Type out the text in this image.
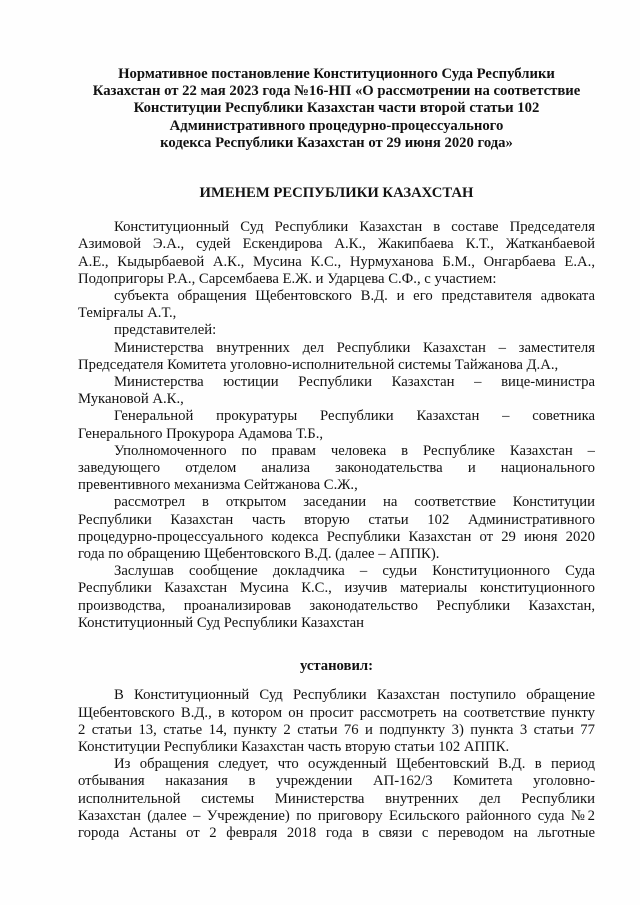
Нормативное постановление Конституционного Суда Республики
Казахстан от 22 мая 2023 года №16-НП «О рассмотрении на соответствие
Конституции Республики Казахстан части второй статьи 102
Административного процедурно-процессуального
кодекса Республики Казахстан от 29 июня 2020 года»
ИМЕНЕМ РЕСПУБЛИКИ КАЗАХСТАН
Конституционный Суд Республики Казахстан в составе Председателя
Азимовой Э.А., судей Ескендирова А.К., Жакипбаева К.Т., Жатканбаевой
А.Е., Кыдырбаевой А.К., Мусина К.С., Нурмуханова Б.М., Онгарбаева Е.А.,
Подопригоры Р.А., Сарсембаева Е.Ж. и Ударцева С.Ф., с участием:
субъекта обращения Щебентовского В.Д. и его представителя адвоката
Темірғалы А.Т.,
представителей:
Министерства внутренних дел Республики Казахстан – заместителя
Председателя Комитета уголовно-исполнительной системы Тайжанова Д.А.,
Министерства юстиции Республики Казахстан – вице-министра
Мукановой А.К.,
Генеральной прокуратуры Республики Казахстан – советника
Генерального Прокурора Адамова Т.Б.,
Уполномоченного по правам человека в Республике Казахстан –
заведующего отделом анализа законодательства и национального
превентивного механизма Сейтжанова С.Ж.,
рассмотрел в открытом заседании на соответствие Конституции
Республики Казахстан часть вторую статьи 102 Административного
процедурно-процессуального кодекса Республики Казахстан от 29 июня 2020
года по обращению Щебентовского В.Д. (далее – АППК).
Заслушав сообщение докладчика – судьи Конституционного Суда
Республики Казахстан Мусина К.С., изучив материалы конституционного
производства, проанализировав законодательство Республики Казахстан,
Конституционный Суд Республики Казахстан
установил:
В Конституционный Суд Республики Казахстан поступило обращение
Щебентовского В.Д., в котором он просит рассмотреть на соответствие пункту
2 статьи 13, статье 14, пункту 2 статьи 76 и подпункту 3) пункта 3 статьи 77
Конституции Республики Казахстан часть вторую статьи 102 АППК.
Из обращения следует, что осужденный Щебентовский В.Д. в период
отбывания наказания в учреждении АП-162/3 Комитета уголовно-
исполнительной системы Министерства внутренних дел Республики
Казахстан (далее – Учреждение) по приговору Есильского районного суда №2
города Астаны от 2 февраля 2018 года в связи с переводом на льготные
